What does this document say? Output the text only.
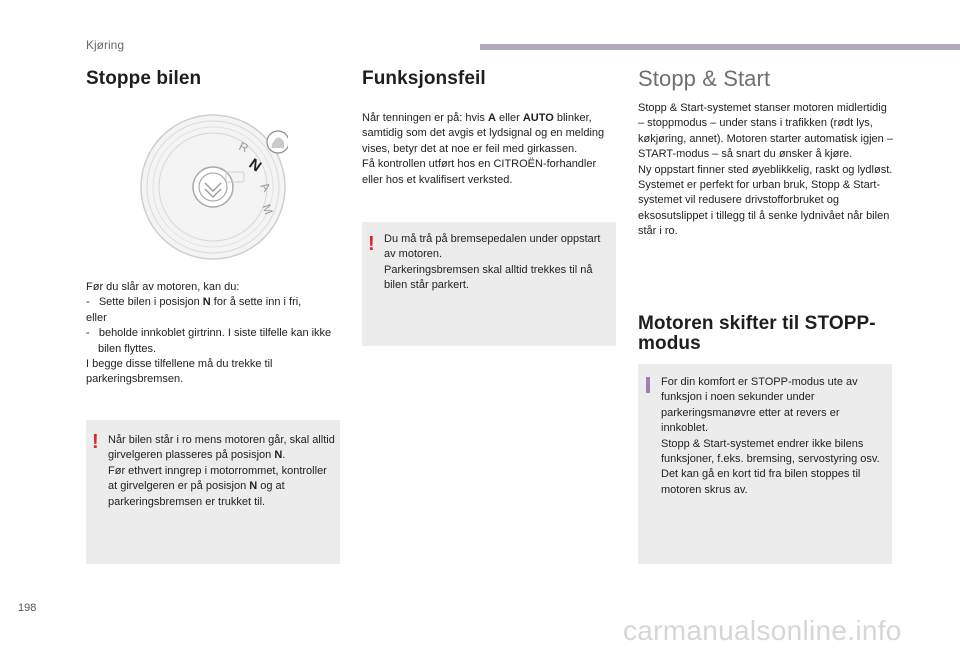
Kjøring
Stoppe bilen
R
N
A
M

Før du slår av motoren, kan du:

-   Sette bilen i posisjon N for å sette inn i fri,

eller

-   beholde innkoblet girtrinn. I siste tilfelle kan ikke bilen flyttes.

I begge disse tilfellene må du trekke til parkeringsbremsen.

! Når bilen står i ro mens motoren går, skal alltid girvelgeren plasseres på posisjon N.

Før ethvert inngrep i motorrommet, kontroller at girvelgeren er på posisjon N og at parkeringsbremsen er trukket til.

Funksjonsfeil

Når tenningen er på: hvis A eller AUTO blinker, samtidig som det avgis et lydsignal og en melding vises, betyr det at noe er feil med girkassen.

Få kontrollen utført hos en CITROËN-forhandler eller hos et kvalifisert verksted.

! Du må trå på bremsepedalen under oppstart av motoren.

Parkeringsbremsen skal alltid trekkes til nå bilen står parkert.

Stopp & Start

Stopp & Start-systemet stanser motoren midlertidig – stoppmodus – under stans i trafikken (rødt lys, køkjøring, annet). Motoren starter automatisk igjen – START-modus – så snart du ønsker å kjøre.

Ny oppstart finner sted øyeblikkelig, raskt og lydløst.

Systemet er perfekt for urban bruk, Stopp & Start-systemet vil redusere drivstofforbruket og eksosutslippet i tillegg til å senke lydnivået når bilen står i ro.

Motoren skifter til STOPP-modus

For din komfort er STOPP-modus ute av funksjon i noen sekunder under parkeringsmanøvre etter at revers er innkoblet.

Stopp & Start-systemet endrer ikke bilens funksjoner, f.eks. bremsing, servostyring osv.

Det kan gå en kort tid fra bilen stoppes til motoren skrus av.

198
carmanualsonline.info
